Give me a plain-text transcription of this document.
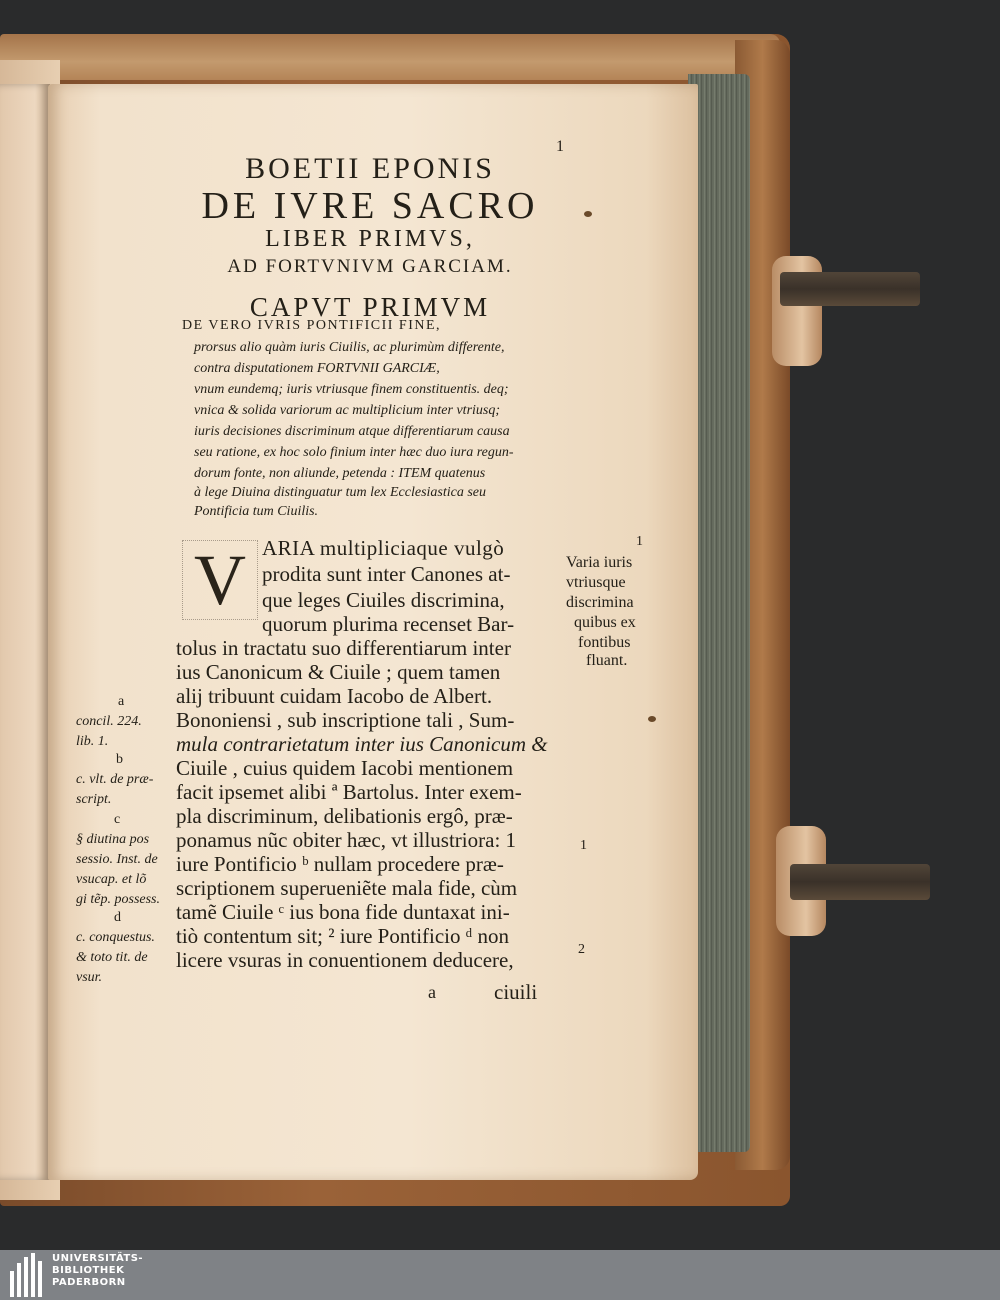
1
BOETII EPONIS
DE IVRE SACRO
LIBER PRIMVS,
AD FORTVNIVM GARCIAM.
CAPVT PRIMVM
DE VERO IVRIS PONTIFICII FINE,
prorsus alio quàm iuris Ciuilis, ac plurimùm differente,
contra disputationem FORTVNII GARCIÆ,
vnum eundemq; iuris vtriusque finem constituentis. deq;
vnica & solida variorum ac multiplicium inter vtriusq;
iuris decisiones discriminum atque differentiarum causa
seu ratione, ex hoc solo finium inter hæc duo iura regun-
dorum fonte, non aliunde, petenda : ITEM quatenus
à lege Diuina distinguatur tum lex Ecclesiastica seu
Pontificia tum Ciuilis.
V ARIA multipliciaque vulgò
prodita sunt inter Canones at-
que leges Ciuiles discrimina,
quorum plurima recenset Bar-
tolus in tractatu suo differentiarum inter
ius Canonicum & Ciuile ; quem tamen
alij tribuunt cuidam Iacobo de Albert.
Bononiensi , sub inscriptione tali , Sum-
mula contrarietatum inter ius Canonicum &
Ciuile , cuius quidem Iacobi mentionem
facit ipsemet alibi ª Bartolus. Inter exem-
pla discriminum, delibationis ergô, præ-
ponamus nũc obiter hæc, vt illustriora: 1
iure Pontificio ᵇ nullam procedere præ-
scriptionem superueniẽte mala fide, cùm
tamẽ Ciuile ᶜ ius bona fide duntaxat ini-
tiò contentum sit; ² iure Pontificio ᵈ non
licere vsuras in conuentionem deducere,
a	ciuili
1
Varia iuris
vtriusque
discrimina
quibus ex
fontibus
fluant.
1
2
a
concil. 224.
lib. 1.
b
c. vlt. de præ-
script.
c
§ diutina pos
sessio. Inst. de
vsucap. et lõ
gi tẽp. possess.
d
c. conquestus.
& toto tit. de
vsur.
UNIVERSITÄTS-
BIBLIOTHEK
PADERBORN
